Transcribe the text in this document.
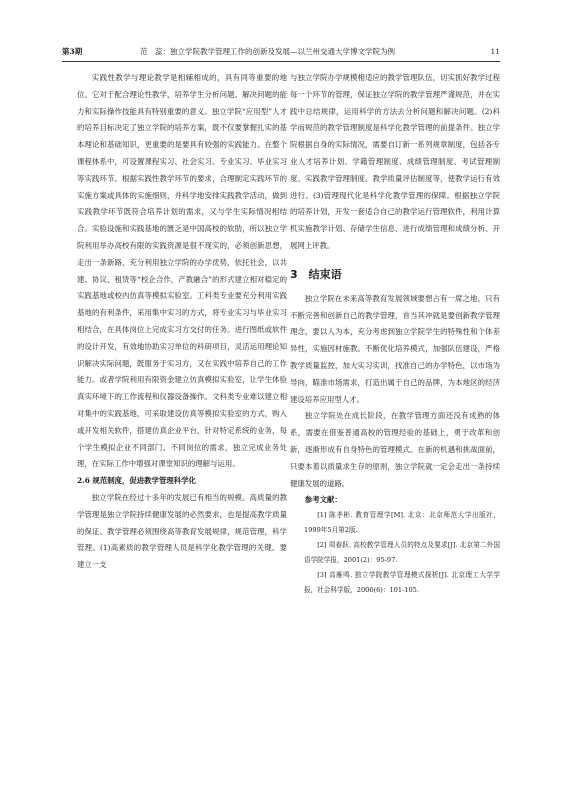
第3期	范　蕊：独立学院教学管理工作的创新及发展—以兰州交通大学博文学院为例	11

实践性教学与理论教学是相辅相成的，具有同等重要的地位。它对于配合理论性教学，培养学生分析问题、解决问题的能力和实际操作技能具有特别重要的意义。独立学院“应用型”人才的培养目标决定了独立学院的培养方案，既不仅要掌握扎实的基本理论和基础知识，更重要的是要具有较强的实践能力。在整个课程体系中，可设置课程实习、社会实习、专业实习、毕业实习等实践环节。根据实践性教学环节的要求，合理制定实践环节的实施方案或具体的实施细则，并科学地安排实践教学活动，做到实践教学环节既符合培养计划的需求，又与学生实际情况相结合。实验设施和实践基地的匮乏是中国高校的软肋，所以独立学院利用举办高校有限的实践资源是很不现实的，必须创新思想，走出一条新路，充分利用独立学院的办学优势，依托社会，以共建、协议、租赁等“校企合作，产教融合”的形式建立相对稳定的实践基地或校内仿真等模拟实验室。工科类专业要充分利用实践基地的有利条件，采用集中实习的方式，将专业实习与毕业实习相结合，在具体岗位上完成实习方交付的任务。进行图纸或软件的设计开发，有效地协助实习单位的科研项目，灵活运用理论知识解决实际问题，既服务于实习方，又在实践中培养自己的工作能力。或者学院利用有限资金建立仿真模拟实验室，让学生体验真实环境下的工作流程和仪器设备操作。文科类专业难以建立相对集中的实践基地，可采取建设仿真等模拟实验室的方式，购入或开发相关软件，搭建仿真企业平台，针对特定系统的业务，每个学生模拟企业不同部门、不同岗位的需求，独立完成业务处理，在实际工作中增强对课堂知识的理解与运用。

2.6 规范制度，促进教学管理科学化

独立学院在经过十多年的发展已有相当的规模。高质量的教学管理是独立学院持续健康发展的必然要求，也是提高教学质量的保证。教学管理必须围绕高等教育发展规律，规范管理，科学管理。(1)高素质的教学管理人员是科学化教学管理的关键。要建立一支

与独立学院办学规模相适应的教学管理队伍，切实抓好教学过程每一个环节的管理，保证独立学院的教学管理严谨规范，并在实践中总结规律，运用科学的方法去分析问题和解决问题。(2)科学而规范的教学管理制度是科学化教学管理的前提条件。独立学院根据自身的实际情况，需要自订新一系列规章制度，包括各专业人才培养计划、学籍管理制度、成绩管理制度、考试管理制度、实践教学管理制度、教学质量评估制度等，使教学运行有效进行。(3)管理现代化是科学化教学管理的保障。根据独立学院的培养计划，开发一套适合自己的教学运行管理软件，利用计算机实施教学计划、存储学生信息、进行成绩管理和成绩分析、开展网上评教。

3　结束语

独立学院在未来高等教育发展领域要想占有一席之地，只有不断完善和创新自己的教学管理，首当其冲就是要创新教学管理理念，要以人为本，充分考虑到独立学院学生的特殊性和个体差异性，实施因材施教。不断优化培养模式，加强队伍建设，严格教学质量监控，加大实习实训，找准自己的办学特色，以市场为导向，瞄准市场需求，打造出属于自己的品牌，为本地区的经济建设培养应用型人才。

独立学院处在成长阶段，在教学管理方面还没有成熟的体系，需要在借鉴普通高校的管理经验的基础上，勇于改革和创新，逐渐形成有自身特色的管理模式。在新的机遇和挑战面前，只要本着以质量求生存的原则，独立学院就一定会走出一条持续健康发展的道路。

参考文献：

[1] 陈孝彬. 教育管理学[M]. 北京：北京师范大学出版社，1999年5月第2版.

[2] 周春跃. 高校教学管理人员的特点及要求[J]. 北京第二外国语学院学报，2001(2)：95-97.

[3] 高雁鸣. 独立学院教学管理模式探析[J]. 北京理工大学学报，社会科学版，2006(6)：101-105.
